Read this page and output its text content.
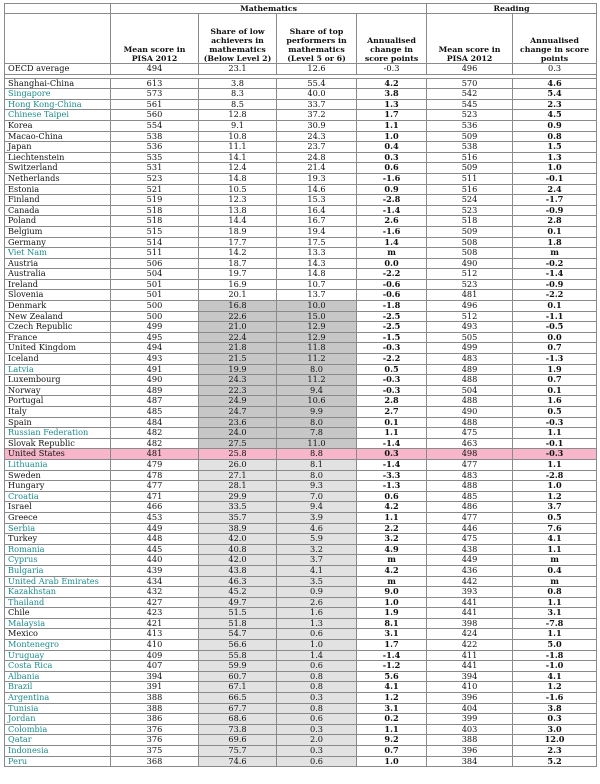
	Mathematics				Reading	
	Mean score in PISA 2012	Share of low achievers in mathematics (Below Level 2)	Share of top performers in mathematics (Level 5 or 6)	Annualised change in score points	Mean score in PISA 2012	Annualised change in score points
OECD average	494	23.1	12.6	-0.3	496	0.3

Shanghai-China	613	3.8	55.4	4.2	570	4.6
Singapore	573	8.3	40.0	3.8	542	5.4
Hong Kong-China	561	8.5	33.7	1.3	545	2.3
Chinese Taipei	560	12.8	37.2	1.7	523	4.5
Korea	554	9.1	30.9	1.1	536	0.9
Macao-China	538	10.8	24.3	1.0	509	0.8
Japan	536	11.1	23.7	0.4	538	1.5
Liechtenstein	535	14.1	24.8	0.3	516	1.3
Switzerland	531	12.4	21.4	0.6	509	1.0
Netherlands	523	14.8	19.3	-1.6	511	-0.1
Estonia	521	10.5	14.6	0.9	516	2.4
Finland	519	12.3	15.3	-2.8	524	-1.7
Canada	518	13.8	16.4	-1.4	523	-0.9
Poland	518	14.4	16.7	2.6	518	2.8
Belgium	515	18.9	19.4	-1.6	509	0.1
Germany	514	17.7	17.5	1.4	508	1.8
Viet Nam	511	14.2	13.3	m	508	m
Austria	506	18.7	14.3	0.0	490	-0.2
Australia	504	19.7	14.8	-2.2	512	-1.4
Ireland	501	16.9	10.7	-0.6	523	-0.9
Slovenia	501	20.1	13.7	-0.6	481	-2.2
Denmark	500	16.8	10.0	-1.8	496	0.1
New Zealand	500	22.6	15.0	-2.5	512	-1.1
Czech Republic	499	21.0	12.9	-2.5	493	-0.5
France	495	22.4	12.9	-1.5	505	0.0
United Kingdom	494	21.8	11.8	-0.3	499	0.7
Iceland	493	21.5	11.2	-2.2	483	-1.3
Latvia	491	19.9	8.0	0.5	489	1.9
Luxembourg	490	24.3	11.2	-0.3	488	0.7
Norway	489	22.3	9.4	-0.3	504	0.1
Portugal	487	24.9	10.6	2.8	488	1.6
Italy	485	24.7	9.9	2.7	490	0.5
Spain	484	23.6	8.0	0.1	488	-0.3
Russian Federation	482	24.0	7.8	1.1	475	1.1
Slovak Republic	482	27.5	11.0	-1.4	463	-0.1
United States	481	25.8	8.8	0.3	498	-0.3
Lithuania	479	26.0	8.1	-1.4	477	1.1
Sweden	478	27.1	8.0	-3.3	483	-2.8
Hungary	477	28.1	9.3	-1.3	488	1.0
Croatia	471	29.9	7.0	0.6	485	1.2
Israel	466	33.5	9.4	4.2	486	3.7
Greece	453	35.7	3.9	1.1	477	0.5
Serbia	449	38.9	4.6	2.2	446	7.6
Turkey	448	42.0	5.9	3.2	475	4.1
Romania	445	40.8	3.2	4.9	438	1.1
Cyprus	440	42.0	3.7	m	449	m
Bulgaria	439	43.8	4.1	4.2	436	0.4
United Arab Emirates	434	46.3	3.5	m	442	m
Kazakhstan	432	45.2	0.9	9.0	393	0.8
Thailand	427	49.7	2.6	1.0	441	1.1
Chile	423	51.5	1.6	1.9	441	3.1
Malaysia	421	51.8	1.3	8.1	398	-7.8
Mexico	413	54.7	0.6	3.1	424	1.1
Montenegro	410	56.6	1.0	1.7	422	5.0
Uruguay	409	55.8	1.4	-1.4	411	-1.8
Costa Rica	407	59.9	0.6	-1.2	441	-1.0
Albania	394	60.7	0.8	5.6	394	4.1
Brazil	391	67.1	0.8	4.1	410	1.2
Argentina	388	66.5	0.3	1.2	396	-1.6
Tunisia	388	67.7	0.8	3.1	404	3.8
Jordan	386	68.6	0.6	0.2	399	0.3
Colombia	376	73.8	0.3	1.1	403	3.0
Qatar	376	69.6	2.0	9.2	388	12.0
Indonesia	375	75.7	0.3	0.7	396	2.3
Peru	368	74.6	0.6	1.0	384	5.2
